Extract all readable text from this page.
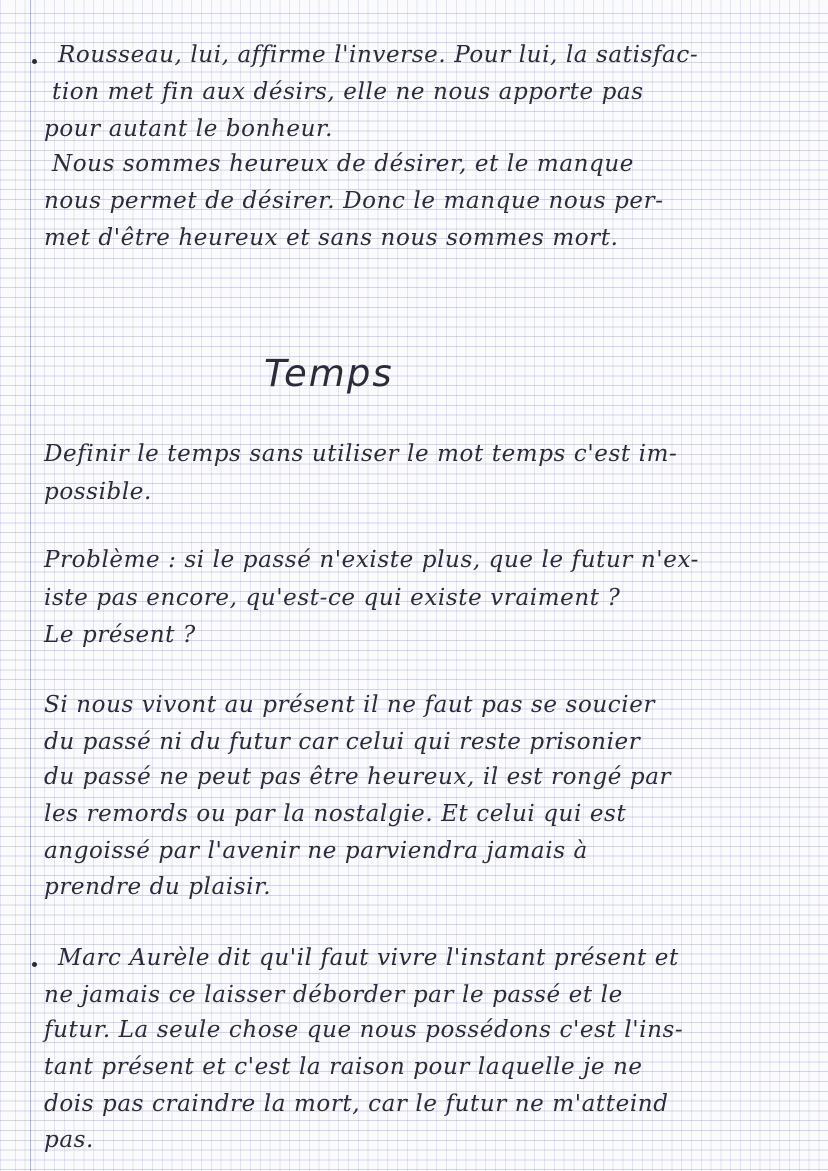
Rousseau, lui, affirme l'inverse. Pour lui, la satisfac-

tion met fin aux désirs, elle ne nous apporte pas

pour autant le bonheur.

Nous sommes heureux de désirer, et le manque

nous permet de désirer. Donc le manque nous per-

met d'être heureux et sans nous sommes mort.

Temps

Definir le temps sans utiliser le mot temps c'est im-

possible.

Problème : si le passé n'existe plus, que le futur n'ex-

iste pas encore, qu'est-ce qui existe vraiment ?

Le présent ?

Si nous vivont au présent il ne faut pas se soucier

du passé ni du futur car celui qui reste prisonier

du passé ne peut pas être heureux, il est rongé par

les remords ou par la nostalgie. Et celui qui est

angoissé par l'avenir ne parviendra jamais à

prendre du plaisir.

Marc Aurèle dit qu'il faut vivre l'instant présent et

ne jamais ce laisser déborder par le passé et le

futur. La seule chose que nous possédons c'est l'ins-

tant présent et c'est la raison pour laquelle je ne

dois pas craindre la mort, car le futur ne m'atteind

pas.
